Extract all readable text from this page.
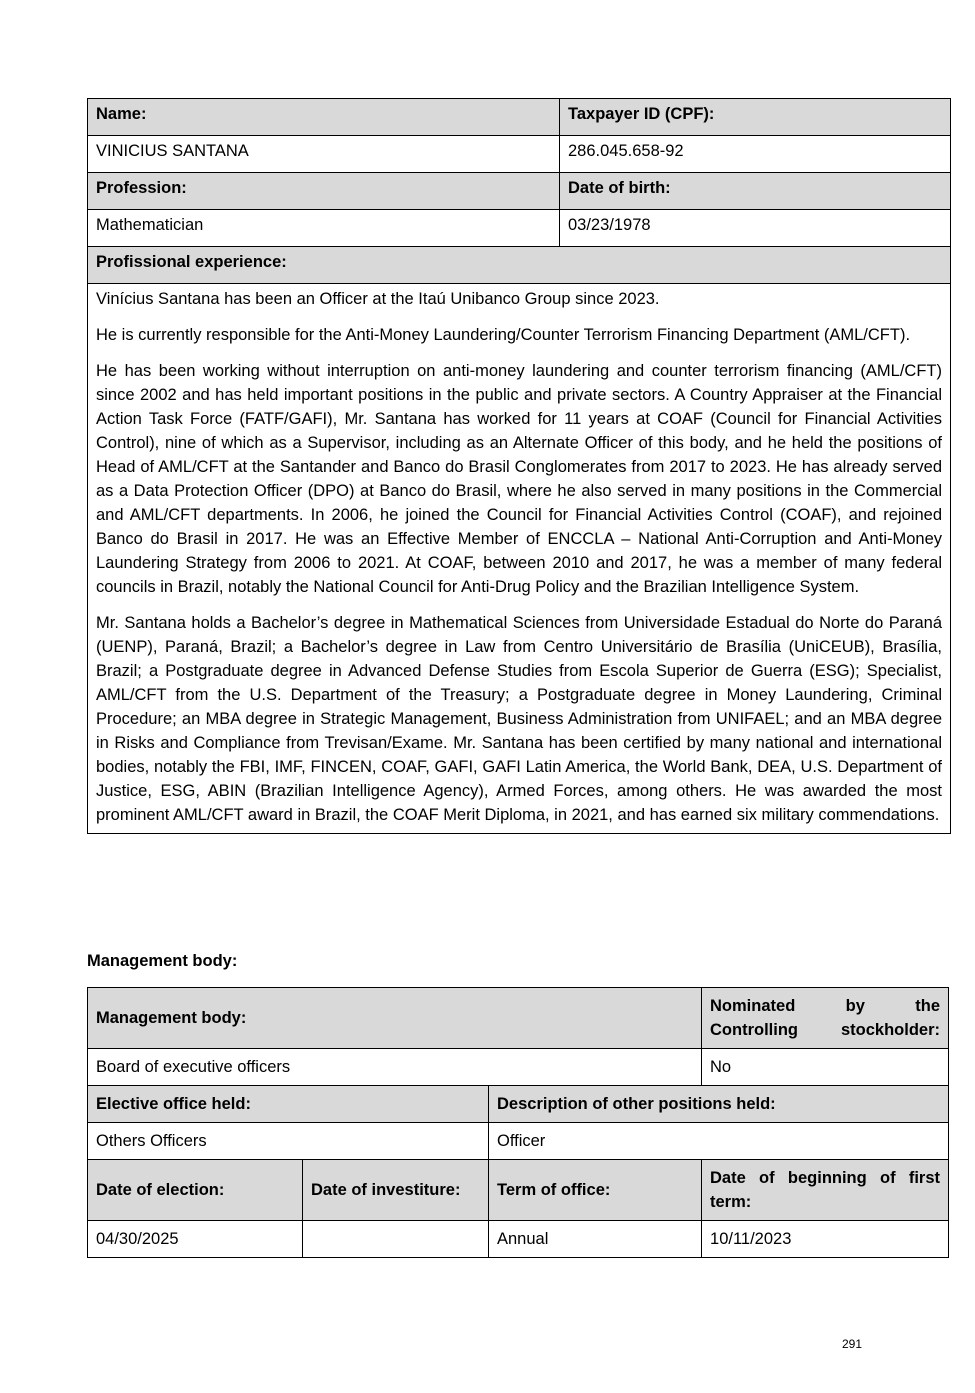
Name:	Taxpayer ID (CPF):
VINICIUS SANTANA	286.045.658-92
Profession:	Date of birth:
Mathematician	03/23/1978
Profissional experience:	

Vinícius Santana has been an Officer at the Itaú Unibanco Group since 2023.

He is currently responsible for the Anti-Money Laundering/Counter Terrorism Financing Department (AML/CFT).

He has been working without interruption on anti-money laundering and counter terrorism financing (AML/CFT) since 2002 and has held important positions in the public and private sectors. A Country Appraiser at the Financial Action Task Force (FATF/GAFI), Mr. Santana has worked for 11 years at COAF (Council for Financial Activities Control), nine of which as a Supervisor, including as an Alternate Officer of this body, and he held the positions of Head of AML/CFT at the Santander and Banco do Brasil Conglomerates from 2017 to 2023. He has already served as a Data Protection Officer (DPO) at Banco do Brasil, where he also served in many positions in the Commercial and AML/CFT departments. In 2006, he joined the Council for Financial Activities Control (COAF), and rejoined Banco do Brasil in 2017. He was an Effective Member of ENCCLA – National Anti-Corruption and Anti-Money Laundering Strategy from 2006 to 2021. At COAF, between 2010 and 2017, he was a member of many federal councils in Brazil, notably the National Council for Anti-Drug Policy and the Brazilian Intelligence System.

Mr. Santana holds a Bachelor’s degree in Mathematical Sciences from Universidade Estadual do Norte do Paraná (UENP), Paraná, Brazil; a Bachelor’s degree in Law from Centro Universitário de Brasília (UniCEUB), Brasília, Brazil; a Postgraduate degree in Advanced Defense Studies from Escola Superior de Guerra (ESG); Specialist, AML/CFT from the U.S. Department of the Treasury; a Postgraduate degree in Money Laundering, Criminal Procedure; an MBA degree in Strategic Management, Business Administration from UNIFAEL; and an MBA degree in Risks and Compliance from Trevisan/Exame. Mr. Santana has been certified by many national and international bodies, notably the FBI, IMF, FINCEN, COAF, GAFI, GAFI Latin America, the World Bank, DEA, U.S. Department of Justice, ESG, ABIN (Brazilian Intelligence Agency), Armed Forces, among others. He was awarded the most prominent AML/CFT award in Brazil, the COAF Merit Diploma, in 2021, and has earned six military commendations.	

Management body:

Management body:			Nominated by the Controlling stockholder:
Board of executive officers			No
Elective office held:		Description of other positions held:	
Others Officers		Officer	
Date of election:	Date of investiture:	Term of office:	Date of beginning of first term:
04/30/2025		Annual	10/11/2023
291
